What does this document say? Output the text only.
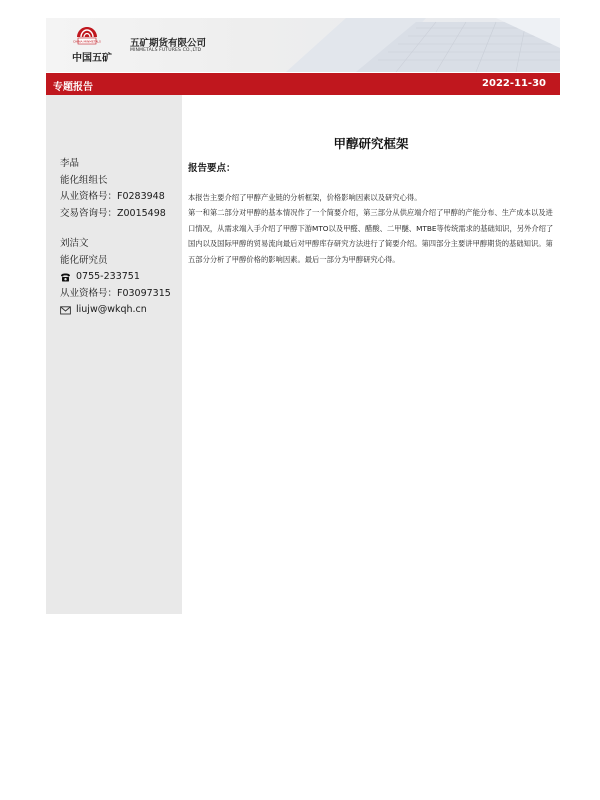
CHINA MINMETALS
中国五矿
五矿期货有限公司
MINMETALS FUTURES CO.,LTD
专题报告	2022-11-30
李晶
能化组组长
从业资格号：F0283948
交易咨询号：Z0015498
刘洁文
能化研究员
0755-233751
从业资格号：F03097315
liujw@wkqh.cn
甲醇研究框架
报告要点：

本报告主要介绍了甲醇产业链的分析框架，价格影响因素以及研究心得。

第一和第二部分对甲醇的基本情况作了一个简要介绍，第三部分从供应端介绍了甲醇的产能分布、生产成本以及进口情况，从需求端入手介绍了甲醇下游MTO以及甲醛、醋酸、二甲醚、MTBE等传统需求的基础知识，另外介绍了国内以及国际甲醇的贸易流向最后对甲醇库存研究方法进行了简要介绍。第四部分主要讲甲醇期货的基础知识。第五部分分析了甲醇价格的影响因素。最后一部分为甲醇研究心得。
